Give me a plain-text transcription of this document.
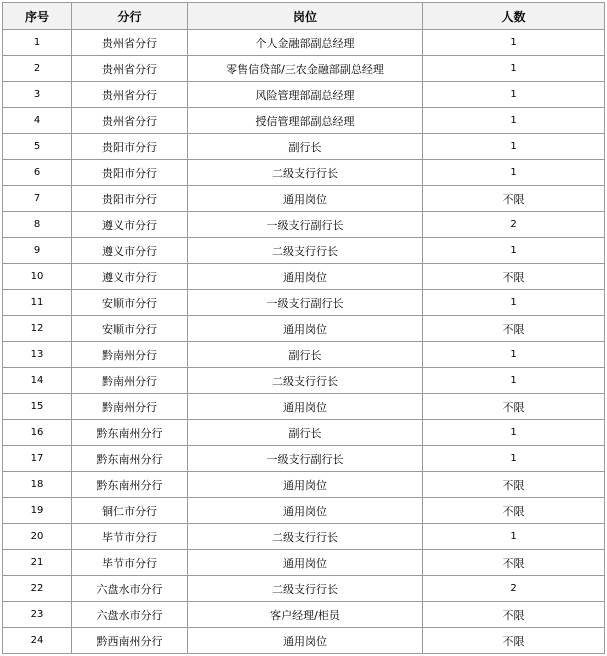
序号	分行	岗位	人数
1	贵州省分行	个人金融部副总经理	1
2	贵州省分行	零售信贷部/三农金融部副总经理	1
3	贵州省分行	风险管理部副总经理	1
4	贵州省分行	授信管理部副总经理	1
5	贵阳市分行	副行长	1
6	贵阳市分行	二级支行行长	1
7	贵阳市分行	通用岗位	不限
8	遵义市分行	一级支行副行长	2
9	遵义市分行	二级支行行长	1
10	遵义市分行	通用岗位	不限
11	安顺市分行	一级支行副行长	1
12	安顺市分行	通用岗位	不限
13	黔南州分行	副行长	1
14	黔南州分行	二级支行行长	1
15	黔南州分行	通用岗位	不限
16	黔东南州分行	副行长	1
17	黔东南州分行	一级支行副行长	1
18	黔东南州分行	通用岗位	不限
19	铜仁市分行	通用岗位	不限
20	毕节市分行	二级支行行长	1
21	毕节市分行	通用岗位	不限
22	六盘水市分行	二级支行行长	2
23	六盘水市分行	客户经理/柜员	不限
24	黔西南州分行	通用岗位	不限
